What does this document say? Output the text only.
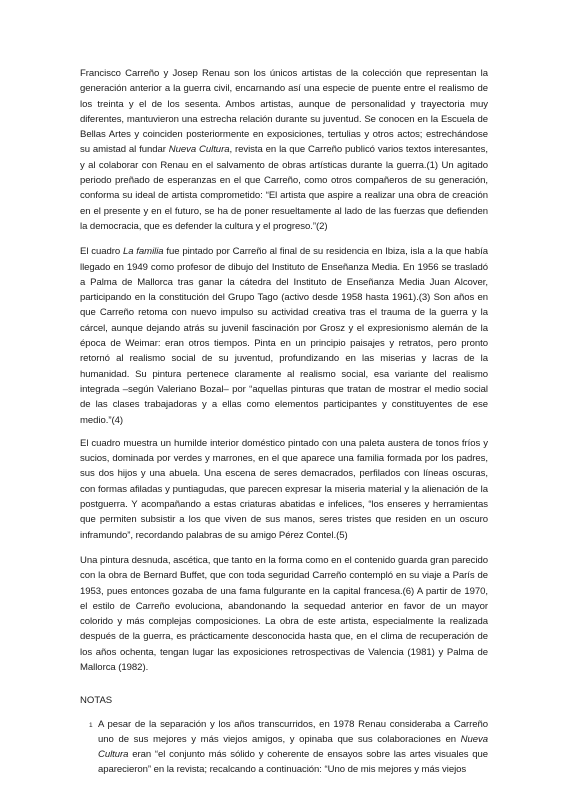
Francisco Carreño y Josep Renau son los únicos artistas de la colección que representan la generación anterior a la guerra civil, encarnando así una especie de puente entre el realismo de los treinta y el de los sesenta. Ambos artistas, aunque de personalidad y trayectoria muy diferentes, mantuvieron una estrecha relación durante su juventud. Se conocen en la Escuela de Bellas Artes y coinciden posteriormente en exposiciones, tertulias y otros actos; estrechándose su amistad al fundar Nueva Cultura, revista en la que Carreño publicó varios textos interesantes, y al colaborar con Renau en el salvamento de obras artísticas durante la guerra.(1) Un agitado periodo preñado de esperanzas en el que Carreño, como otros compañeros de su generación, conforma su ideal de artista comprometido: “El artista que aspire a realizar una obra de creación en el presente y en el futuro, se ha de poner resueltamente al lado de las fuerzas que defienden la democracia, que es defender la cultura y el progreso.”(2)

El cuadro La familia fue pintado por Carreño al final de su residencia en Ibiza, isla a la que había llegado en 1949 como profesor de dibujo del Instituto de Enseñanza Media. En 1956 se trasladó a Palma de Mallorca tras ganar la cátedra del Instituto de Enseñanza Media Juan Alcover, participando en la constitución del Grupo Tago (activo desde 1958 hasta 1961).(3) Son años en que Carreño retoma con nuevo impulso su actividad creativa tras el trauma de la guerra y la cárcel, aunque dejando atrás su juvenil fascinación por Grosz y el expresionismo alemán de la época de Weimar: eran otros tiempos. Pinta en un principio paisajes y retratos, pero pronto retornó al realismo social de su juventud, profundizando en las miserias y lacras de la humanidad. Su pintura pertenece claramente al realismo social, esa variante del realismo integrada –según Valeriano Bozal– por “aquellas pinturas que tratan de mostrar el medio social de las clases trabajadoras y a ellas como elementos participantes y constituyentes de ese medio.”(4)

El cuadro muestra un humilde interior doméstico pintado con una paleta austera de tonos fríos y sucios, dominada por verdes y marrones, en el que aparece una familia formada por los padres, sus dos hijos y una abuela. Una escena de seres demacrados, perfilados con líneas oscuras, con formas afiladas y puntiagudas, que parecen expresar la miseria material y la alienación de la postguerra. Y acompañando a estas criaturas abatidas e infelices, “los enseres y herramientas que permiten subsistir a los que viven de sus manos, seres tristes que residen en un oscuro inframundo”, recordando palabras de su amigo Pérez Contel.(5)

Una pintura desnuda, ascética, que tanto en la forma como en el contenido guarda gran parecido con la obra de Bernard Buffet, que con toda seguridad Carreño contempló en su viaje a París de 1953, pues entonces gozaba de una fama fulgurante en la capital francesa.(6) A partir de 1970, el estilo de Carreño evoluciona, abandonando la sequedad anterior en favor de un mayor colorido y más complejas composiciones. La obra de este artista, especialmente la realizada después de la guerra, es prácticamente desconocida hasta que, en el clima de recuperación de los años ochenta, tengan lugar las exposiciones retrospectivas de Valencia (1981) y Palma de Mallorca (1982).

NOTAS
1 A pesar de la separación y los años transcurridos, en 1978 Renau consideraba a Carreño uno de sus mejores y más viejos amigos, y opinaba que sus colaboraciones en Nueva Cultura eran “el conjunto más sólido y coherente de ensayos sobre las artes visuales que aparecieron” en la revista; recalcando a continuación: “Uno de mis mejores y más viejos
